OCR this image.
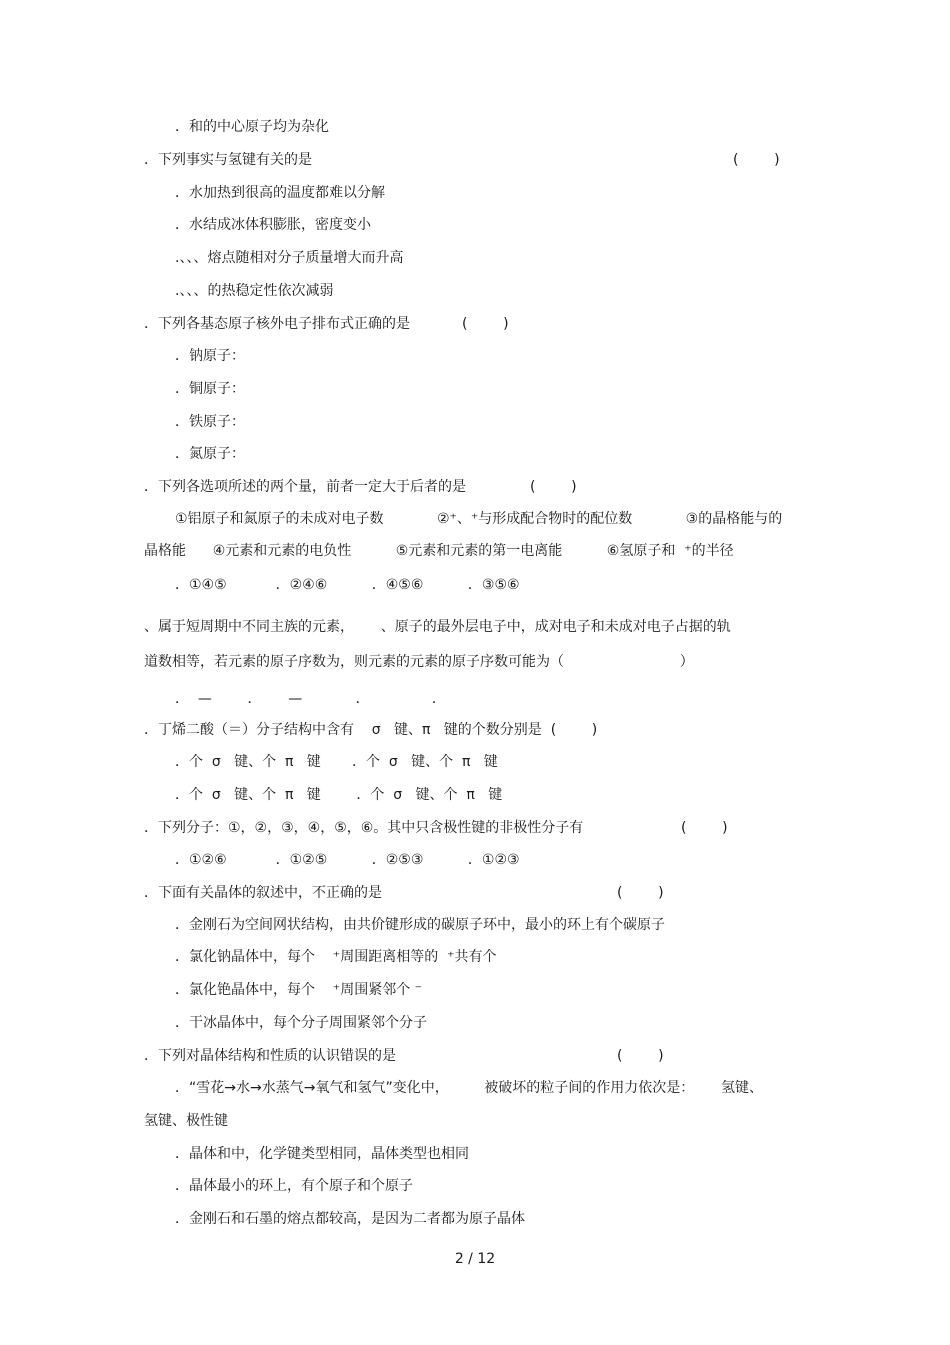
．和的中心原子均为杂化
．下列事实与氢键有关的是	(        )
．水加热到很高的温度都难以分解
．水结成冰体积膨胀，密度变小
.、、、熔点随相对分子质量增大而升高
.、、、的热稳定性依次减弱
．下列各基态原子核外电子排布式正确的是	(        )
．钠原子：
．铜原子：
．铁原子：
．氮原子：
．下列各选项所述的两个量，前者一定大于后者的是	(        )
①铝原子和氮原子的未成对电子数            ②⁺、⁺与形成配合物时的配位数            ③的晶格能与的
晶格能      ④元素和元素的电负性          ⑤元素和元素的第一电离能          ⑥氢原子和  ⁺的半径
．①④⑤           ．②④⑥          ．④⑤⑥          ．③⑤⑥
、属于短周期中不同主族的元素，      、原子的最外层电子中，成对电子和未成对电子占据的轨
道数相等，若元素的原子序数为，则元素的元素的原子序数可能为（                          ）
．  —        ．      —            ．              ．
．丁烯二酸（＝）分子结构中含有    σ   键、π   键的个数分别是  (        )
．个  σ   键、个  π   键       ．个  σ   键、个  π   键
．个  σ   键、个  π   键        ．个  σ   键、个  π   键
．下列分子：①，②，③，④，⑤，⑥。其中只含极性键的非极性分子有	(        )
．①②⑥           ．①②⑤          ．②⑤③          ．①②③
．下面有关晶体的叙述中，不正确的是	(        )
．金刚石为空间网状结构，由共价键形成的碳原子环中，最小的环上有个碳原子
．氯化钠晶体中，每个    ⁺周围距离相等的  ⁺共有个
．氯化铯晶体中，每个    ⁺周围紧邻个 ⁻
．干冰晶体中，每个分子周围紧邻个分子
．下列对晶体结构和性质的认识错误的是	(        )
．“雪花→水→水蒸气→氧气和氢气”变化中，        被破坏的粒子间的作用力依次是：      氢键、
氢键、极性键
．晶体和中，化学键类型相同，晶体类型也相同
．晶体最小的环上，有个原子和个原子
．金刚石和石墨的熔点都较高，是因为二者都为原子晶体
2 / 12
